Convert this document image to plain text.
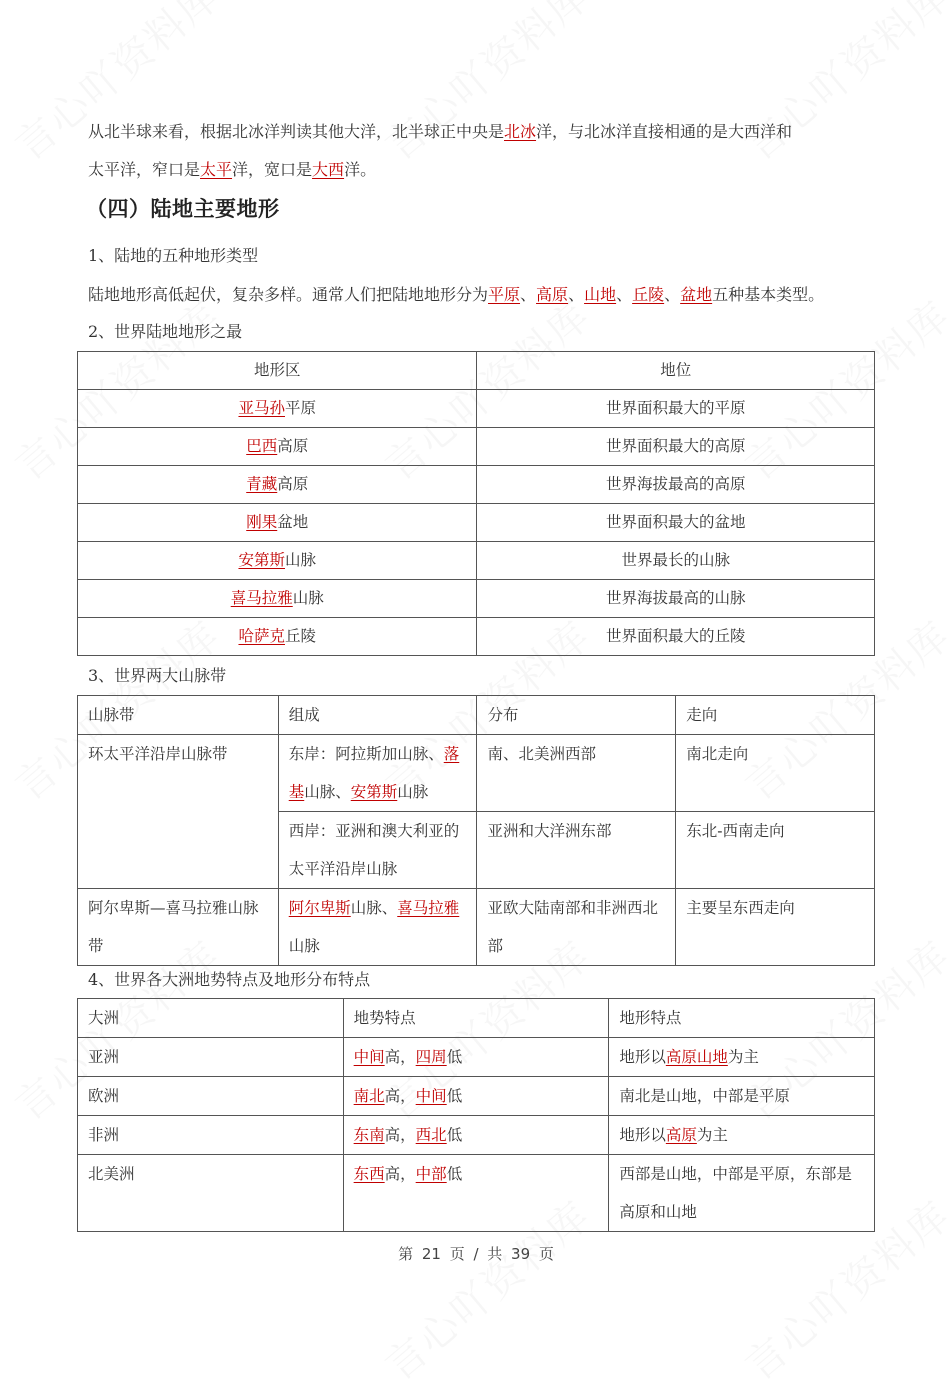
从北半球来看，根据北冰洋判读其他大洋，北半球正中央是北冰洋，与北冰洋直接相通的是大西洋和
太平洋，窄口是太平洋，宽口是大西洋。

（四）陆地主要地形

1、陆地的五种地形类型

陆地地形高低起伏，复杂多样。通常人们把陆地地形分为平原、高原、山地、丘陵、盆地五种基本类型。

2、世界陆地地形之最

地形区	地位
亚马孙平原	世界面积最大的平原
巴西高原	世界面积最大的高原
青藏高原	世界海拔最高的高原
刚果盆地	世界面积最大的盆地
安第斯山脉	世界最长的山脉
喜马拉雅山脉	世界海拔最高的山脉
哈萨克丘陵	世界面积最大的丘陵

3、世界两大山脉带

山脉带	组成	分布	走向
环太平洋沿岸山脉带	东岸：阿拉斯加山脉、落基山脉、安第斯山脉	南、北美洲西部	南北走向
	西岸：亚洲和澳大利亚的太平洋沿岸山脉	亚洲和大洋洲东部	东北-西南走向
阿尔卑斯—喜马拉雅山脉带	阿尔卑斯山脉、喜马拉雅山脉	亚欧大陆南部和非洲西北部	主要呈东西走向

4、世界各大洲地势特点及地形分布特点

大洲	地势特点	地形特点
亚洲	中间高，四周低	地形以高原山地为主
欧洲	南北高，中间低	南北是山地，中部是平原
非洲	东南高，西北低	地形以高原为主
北美洲	东西高，中部低	西部是山地，中部是平原，东部是高原和山地
第 21 页 / 共 39 页
